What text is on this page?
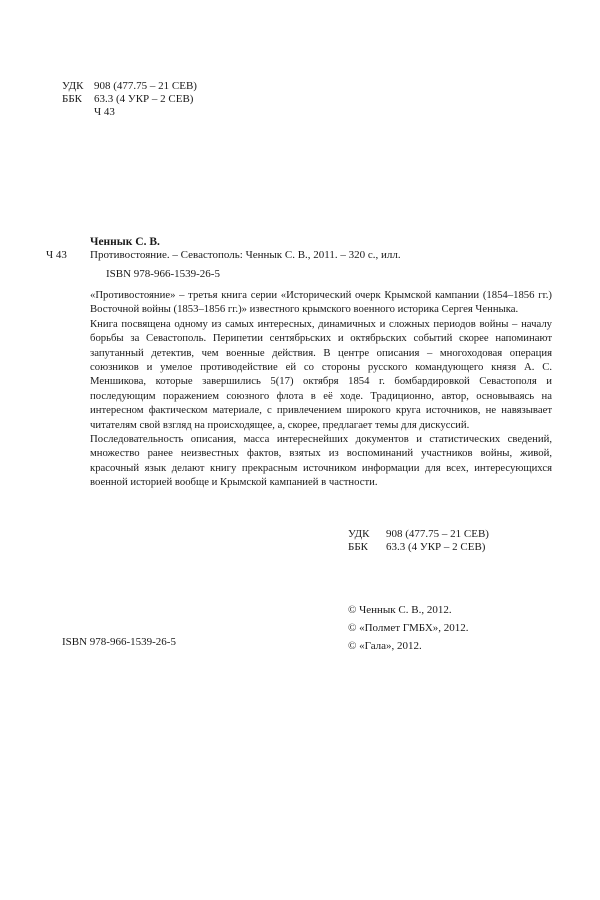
УДК 908 (477.75 – 21 СЕВ)
ББК	63.3 (4 УКР – 2 СЕВ)
Ч 43
Ченнык С. В.
Ч 43 Противостояние. – Севастополь: Ченнык С. В., 2011. – 320 с., илл.
ISBN 978-966-1539-26-5

«Противостояние» – третья книга серии «Исторический очерк Крымской кампании (1854–1856 гг.) Восточной войны (1853–1856 гг.)» известного крымского военного историка Сергея Ченныка.

Книга посвящена одному из самых интересных, динамичных и сложных периодов войны – началу борьбы за Севастополь. Перипетии сентябрьских и октябрьских событий скорее напоминают запутанный детектив, чем военные действия. В центре описания – многоходовая операция союзников и умелое противодействие ей со стороны русского командующего князя А. С. Меншикова, которые завершились 5(17) октября 1854 г. бомбардировкой Севастополя и последующим поражением союзного флота в её ходе. Традиционно, автор, основываясь на интересном фактическом материале, с привлечением широкого круга источников, не навязывает читателям свой взгляд на происходящее, а, скорее, предлагает темы для дискуссий.

Последовательность описания, масса интереснейших документов и статистических сведений, множество ранее неизвестных фактов, взятых из воспоминаний участников войны, живой, красочный язык делают книгу прекрасным источником информации для всех, интересующихся военной историей вообще и Крымской кампанией в частности.

УДК	908 (477.75 – 21 СЕВ)
ББК	63.3 (4 УКР – 2 СЕВ)
© Ченнык С. В., 2012.
© «Полмет ГМБХ», 2012.
© «Гала», 2012.
ISBN 978-966-1539-26-5
